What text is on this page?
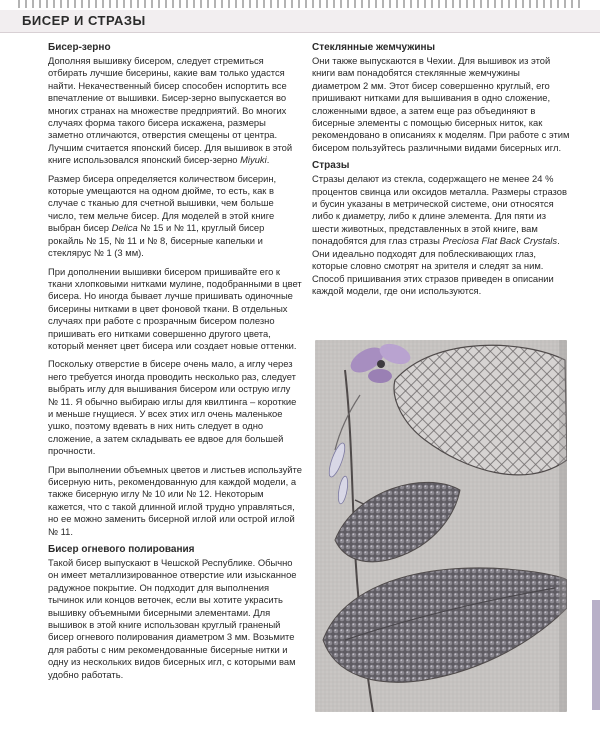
БИСЕР И СТРАЗЫ
Бисер-зерно

Дополняя вышивку бисером, следует стремиться отбирать лучшие бисерины, какие вам только удастся найти. Некачественный бисер способен испортить все впечатление от вышивки. Бисер-зерно выпускается во многих странах на множестве предприятий. Во многих случаях форма такого бисера искажена, размеры заметно отличаются, отверстия смещены от центра. Лучшим считается японский бисер. Для вышивок в этой книге использовался японский бисер-зерно Miyuki.

Размер бисера определяется количеством бисерин, которые умещаются на одном дюйме, то есть, как в случае с тканью для счетной вышивки, чем больше число, тем мельче бисер. Для моделей в этой книге выбран бисер Delica № 15 и № 11, круглый бисер рокайль № 15, № 11 и № 8, бисерные капельки и стеклярус № 1 (3 мм).

При дополнении вышивки бисером пришивайте его к ткани хлопковыми нитками мулине, подобранными в цвет бисера. Но иногда бывает лучше пришивать одиночные бисерины нитками в цвет фоновой ткани. В отдельных случаях при работе с прозрачным бисером полезно пришивать его нитками совершенно другого цвета, который меняет цвет бисера или создает новые оттенки.

Поскольку отверстие в бисере очень мало, а иглу через него требуется иногда проводить несколько раз, следует выбрать иглу для вышивания бисером или острую иглу № 11. Я обычно выбираю иглы для квилтинга – короткие и меньше гнущиеся. У всех этих игл очень маленькое ушко, поэтому вдевать в них нить следует в одно сложение, а затем складывать ее вдвое для большей прочности.

При выполнении объемных цветов и листьев используйте бисерную нить, рекомендованную для каждой модели, а также бисерную иглу № 10 или № 12. Некоторым кажется, что с такой длинной иглой трудно управляться, но ее можно заменить бисерной иглой или острой иглой № 11.

Бисер огневого полирования

Такой бисер выпускают в Чешской Республике. Обычно он имеет металлизированное отверстие или изысканное радужное покрытие. Он подходит для выполнения тычинок или концов веточек, если вы хотите украсить вышивку объемными бисерными элементами. Для вышивок в этой книге использован круглый граненый бисер огневого полирования диаметром 3 мм. Возьмите для работы с ним рекомендованные бисерные нитки и одну из нескольких видов бисерных игл, с которыми вам удобно работать.

Стеклянные жемчужины

Они также выпускаются в Чехии. Для вышивок из этой книги вам понадобятся стеклянные жемчужины диаметром 2 мм. Этот бисер совершенно круглый, его пришивают нитками для вышивания в одно сложение, сложенными вдвое, а затем еще раз объединяют в бисерные элементы с помощью бисерных ниток, как рекомендовано в описаниях к моделям. При работе с этим бисером пользуйтесь различными видами бисерных игл.

Стразы

Стразы делают из стекла, содержащего не менее 24 % процентов свинца или оксидов металла. Размеры стразов и бусин указаны в метрической системе, они относятся либо к диаметру, либо к длине элемента. Для пяти из шести животных, представленных в этой книге, вам понадобятся для глаз стразы Preciosa Flat Back Crystals. Они идеально подходят для поблескивающих глаз, которые словно смотрят на зрителя и следят за ним. Способ пришивания этих стразов приведен в описании каждой модели, где они используются.
